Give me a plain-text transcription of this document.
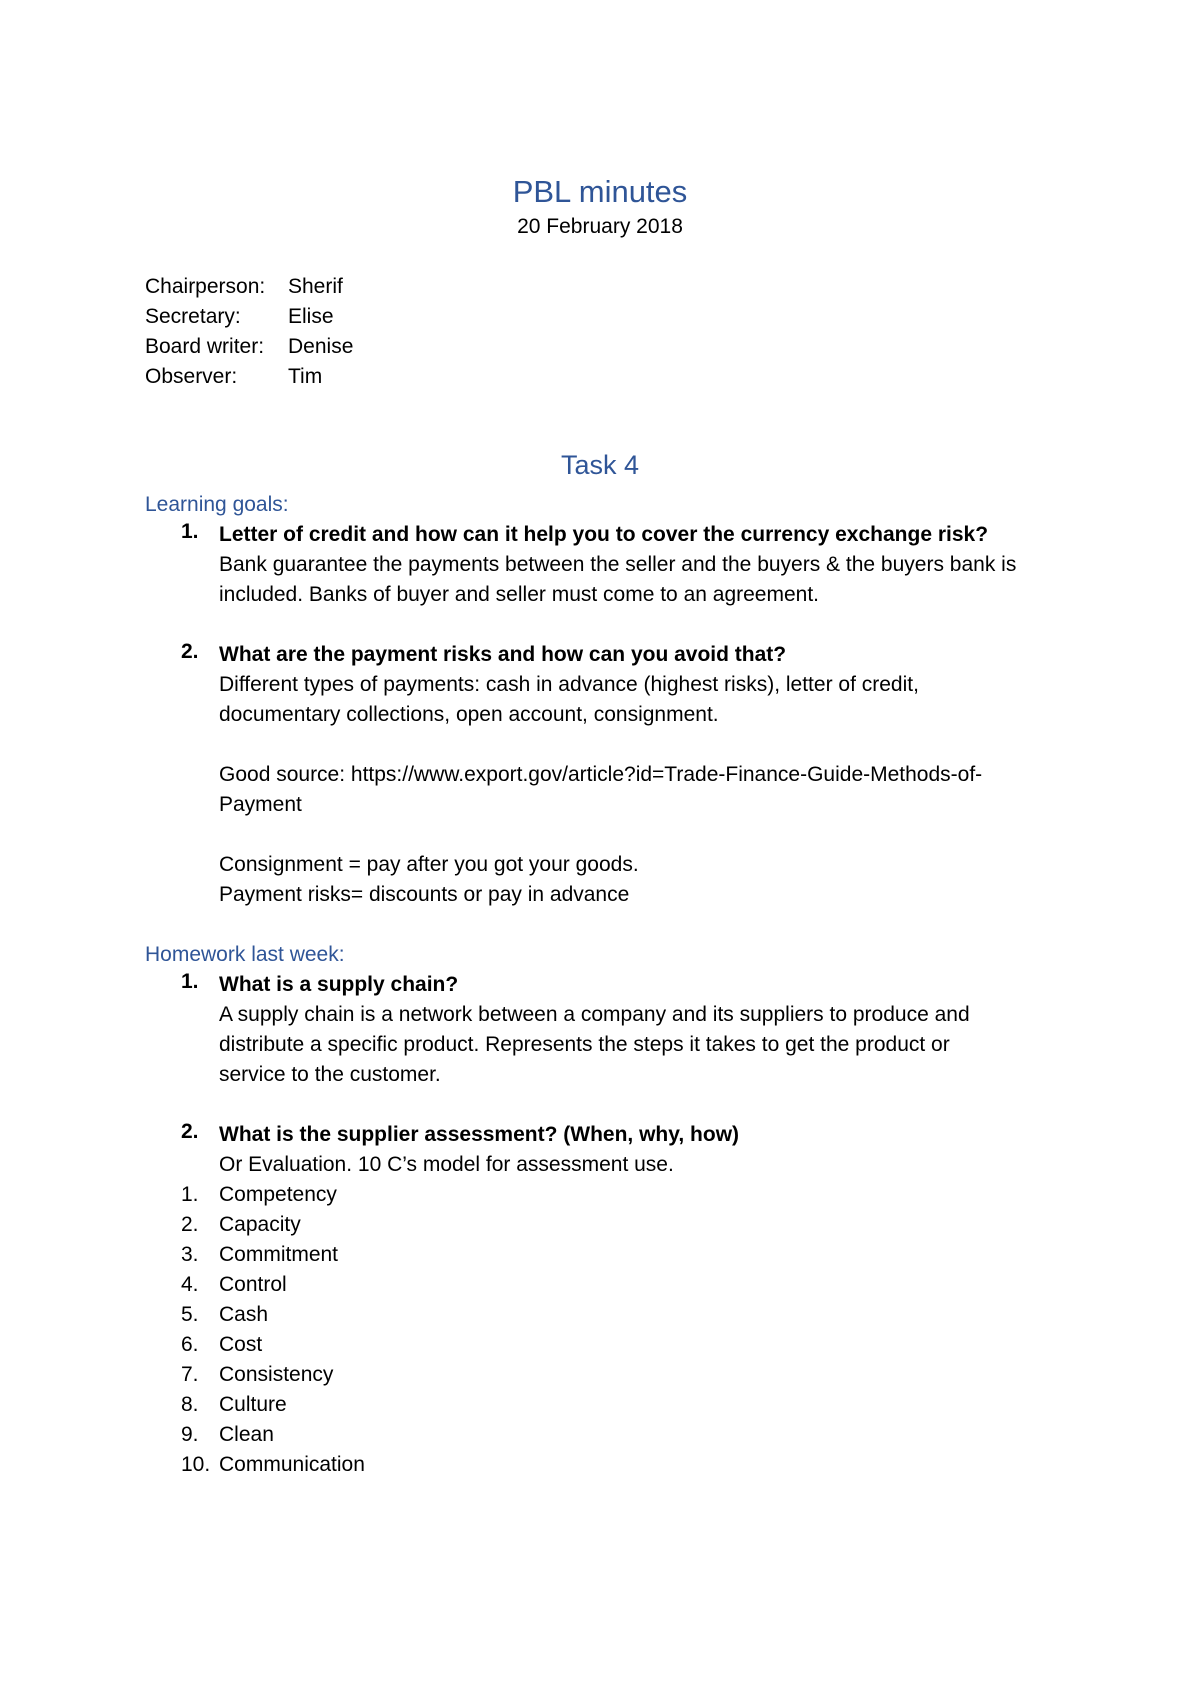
PBL minutes
20 February 2018
Chairperson:	Sherif
Secretary:	Elise
Board writer:	Denise
Observer:	Tim
Task 4
Learning goals:
1. Letter of credit and how can it help you to cover the currency exchange risk?
Bank guarantee the payments between the seller and the buyers & the buyers bank is
included. Banks of buyer and seller must come to an agreement.
2. What are the payment risks and how can you avoid that?
Different types of payments: cash in advance (highest risks), letter of credit,
documentary collections, open account, consignment.
Good source: https://www.export.gov/article?id=Trade-Finance-Guide-Methods-of-
Payment
Consignment = pay after you got your goods.
Payment risks= discounts or pay in advance
Homework last week:
1. What is a supply chain?
A supply chain is a network between a company and its suppliers to produce and
distribute a specific product. Represents the steps it takes to get the product or
service to the customer.
2. What is the supplier assessment? (When, why, how)
Or Evaluation. 10 C’s model for assessment use.
1. Competency
2. Capacity
3. Commitment
4. Control
5. Cash
6. Cost
7. Consistency
8. Culture
9. Clean
10. Communication
